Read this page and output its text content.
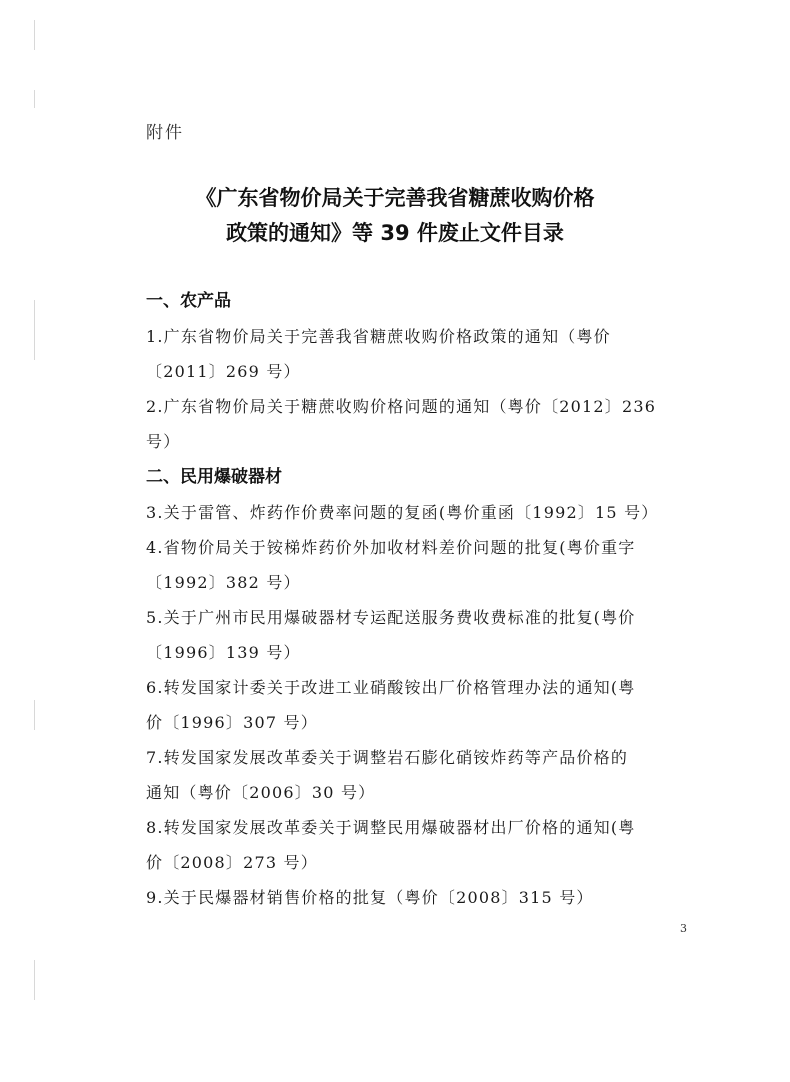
附件
《广东省物价局关于完善我省糖蔗收购价格
政策的通知》等 39 件废止文件目录
一、农产品
1.广东省物价局关于完善我省糖蔗收购价格政策的通知（粤价
〔2011〕269 号）
2.广东省物价局关于糖蔗收购价格问题的通知（粤价〔2012〕236
号）
二、民用爆破器材
3.关于雷管、炸药作价费率问题的复函(粤价重函〔1992〕15 号）
4.省物价局关于铵梯炸药价外加收材料差价问题的批复(粤价重字
〔1992〕382 号）
5.关于广州市民用爆破器材专运配送服务费收费标准的批复(粤价
〔1996〕139 号）
6.转发国家计委关于改进工业硝酸铵出厂价格管理办法的通知(粤
价〔1996〕307 号）
7.转发国家发展改革委关于调整岩石膨化硝铵炸药等产品价格的
通知（粤价〔2006〕30 号）
8.转发国家发展改革委关于调整民用爆破器材出厂价格的通知(粤
价〔2008〕273 号）
9.关于民爆器材销售价格的批复（粤价〔2008〕315 号）
3
